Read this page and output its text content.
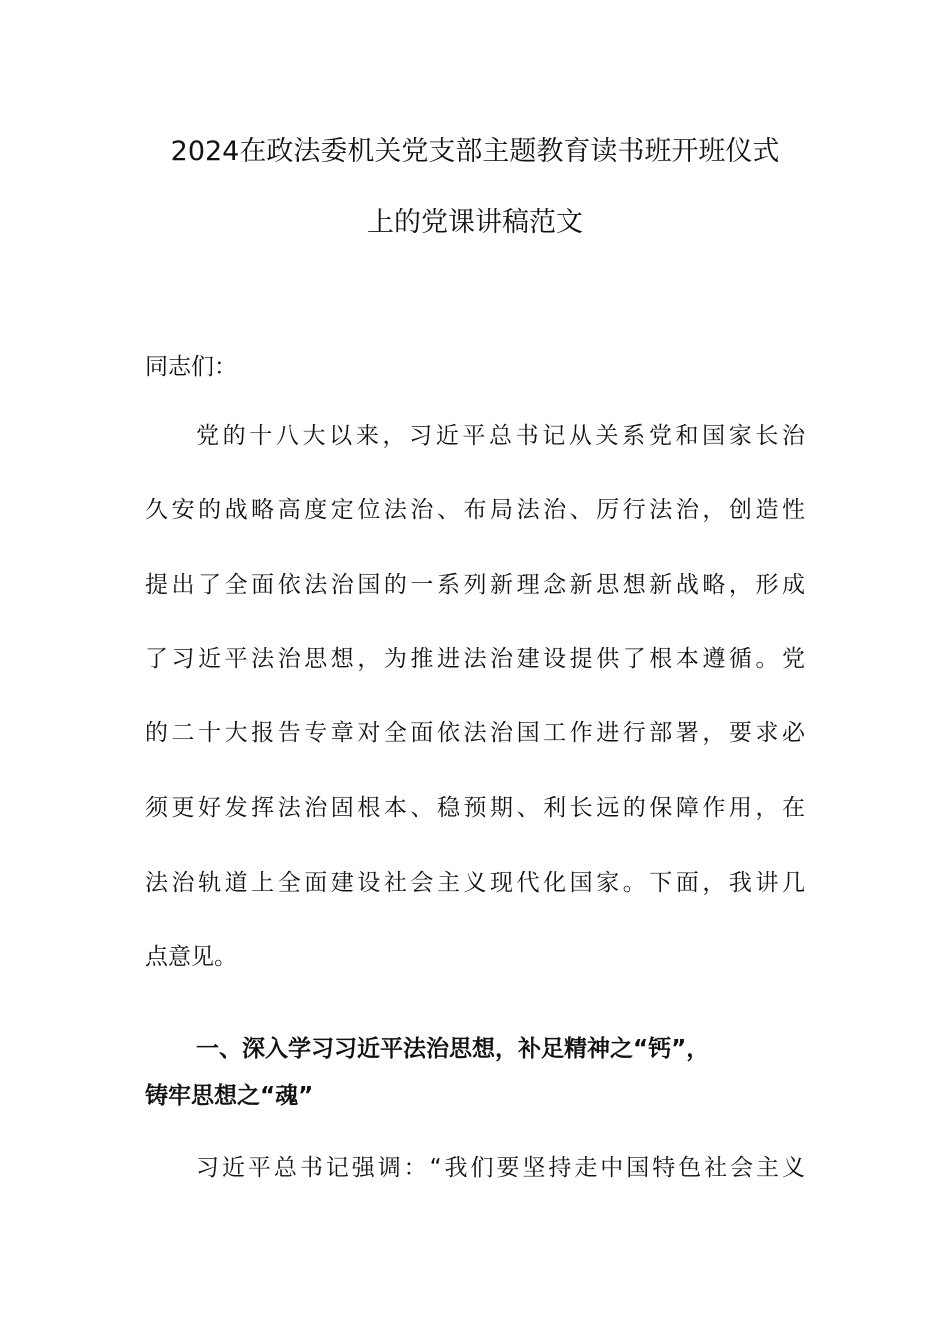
2024在政法委机关党支部主题教育读书班开班仪式
上的党课讲稿范文
同志们：
党的十八大以来，习近平总书记从关系党和国家长治
久安的战略高度定位法治、布局法治、厉行法治，创造性
提出了全面依法治国的一系列新理念新思想新战略，形成
了习近平法治思想，为推进法治建设提供了根本遵循。党
的二十大报告专章对全面依法治国工作进行部署，要求必
须更好发挥法治固根本、稳预期、利长远的保障作用，在
法治轨道上全面建设社会主义现代化国家。下面，我讲几
点意见。
一、深入学习习近平法治思想，补足精神之“钙”，
铸牢思想之“魂”
习近平总书记强调：“我们要坚持走中国特色社会主义
